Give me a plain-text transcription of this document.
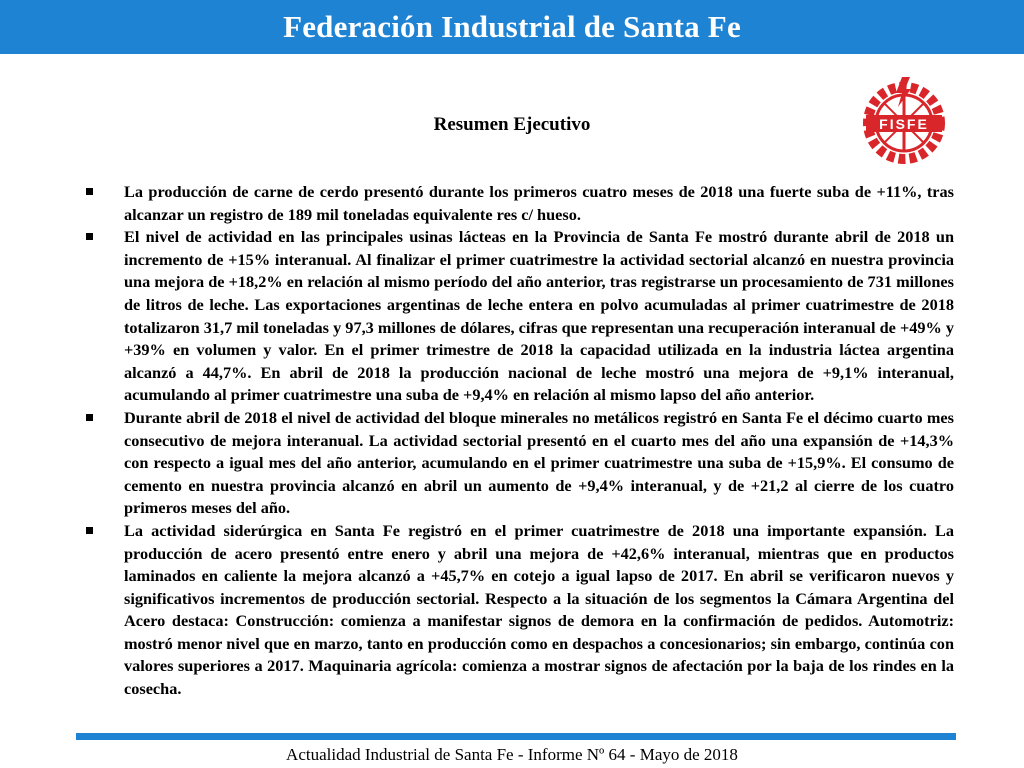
Federación Industrial de Santa Fe
Resumen Ejecutivo	FISFE
La producción de carne de cerdo presentó durante los primeros cuatro meses de 2018 una fuerte suba de +11%, tras alcanzar un registro de 189 mil toneladas equivalente res c/ hueso.
El nivel de actividad en las principales usinas lácteas en la Provincia de Santa Fe mostró durante abril de 2018 un incremento de +15% interanual. Al finalizar el primer cuatrimestre la actividad sectorial alcanzó en nuestra provincia una mejora de +18,2% en relación al mismo período del año anterior, tras registrarse un procesamiento de 731 millones de litros de leche. Las exportaciones argentinas de leche entera en polvo acumuladas al primer cuatrimestre de 2018 totalizaron 31,7 mil toneladas y 97,3 millones de dólares, cifras que representan una recuperación interanual de +49% y +39% en volumen y valor. En el primer trimestre de 2018 la capacidad utilizada en la industria láctea argentina alcanzó a 44,7%. En abril de 2018 la producción nacional de leche mostró una mejora de +9,1% interanual, acumulando al primer cuatrimestre una suba de +9,4% en relación al mismo lapso del año anterior.
Durante abril de 2018 el nivel de actividad del bloque minerales no metálicos registró en Santa Fe el décimo cuarto mes consecutivo de mejora interanual. La actividad sectorial presentó en el cuarto mes del año una expansión de +14,3% con respecto a igual mes del año anterior, acumulando en el primer cuatrimestre una suba de +15,9%. El consumo de cemento en nuestra provincia alcanzó en abril un aumento de +9,4% interanual, y de +21,2 al cierre de los cuatro primeros meses del año.
La actividad siderúrgica en Santa Fe registró en el primer cuatrimestre de 2018 una importante expansión. La producción de acero presentó entre enero y abril una mejora de +42,6% interanual, mientras que en productos laminados en caliente la mejora alcanzó a +45,7% en cotejo a igual lapso de 2017. En abril se verificaron nuevos y significativos incrementos de producción sectorial. Respecto a la situación de los segmentos la Cámara Argentina del Acero destaca: Construcción: comienza a manifestar signos de demora en la confirmación de pedidos. Automotriz: mostró menor nivel que en marzo, tanto en producción como en despachos a concesionarios; sin embargo, continúa con valores superiores a 2017. Maquinaria agrícola: comienza a mostrar signos de afectación por la baja de los rindes en la cosecha.
Actualidad Industrial de Santa Fe - Informe Nº 64 - Mayo de 2018
